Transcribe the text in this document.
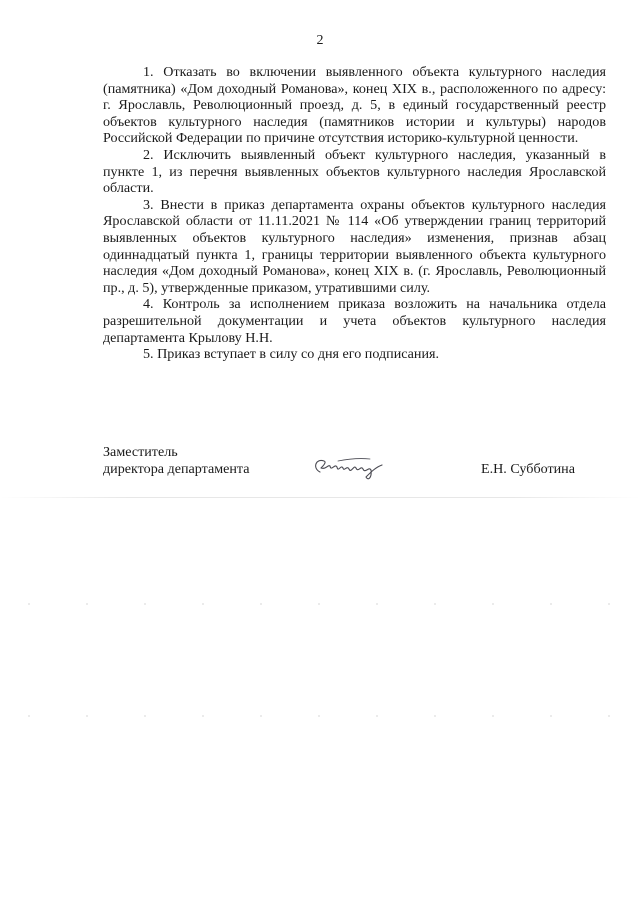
2

1. Отказать во включении выявленного объекта культурного наследия (памятника) «Дом доходный Романова», конец XIX в., расположенного по адресу: г. Ярославль, Революционный проезд, д. 5, в единый государственный реестр объектов культурного наследия (памятников истории и культуры) народов Российской Федерации по причине отсутствия историко-культурной ценности.

2. Исключить выявленный объект культурного наследия, указанный в пункте 1, из перечня выявленных объектов культурного наследия Ярославской области.

3. Внести в приказ департамента охраны объектов культурного наследия Ярославской области от 11.11.2021 № 114 «Об утверждении границ территорий выявленных объектов культурного наследия» изменения, признав абзац одиннадцатый пункта 1, границы территории выявленного объекта культурного наследия «Дом доходный Романова», конец XIX в. (г. Ярославль, Революционный пр., д. 5), утвержденные приказом, утратившими силу.

4. Контроль за исполнением приказа возложить на начальника отдела разрешительной документации и учета объектов культурного наследия департамента Крылову Н.Н.

5. Приказ вступает в силу со дня его подписания.

Заместитель
директора департамента	Е.Н. Субботина
